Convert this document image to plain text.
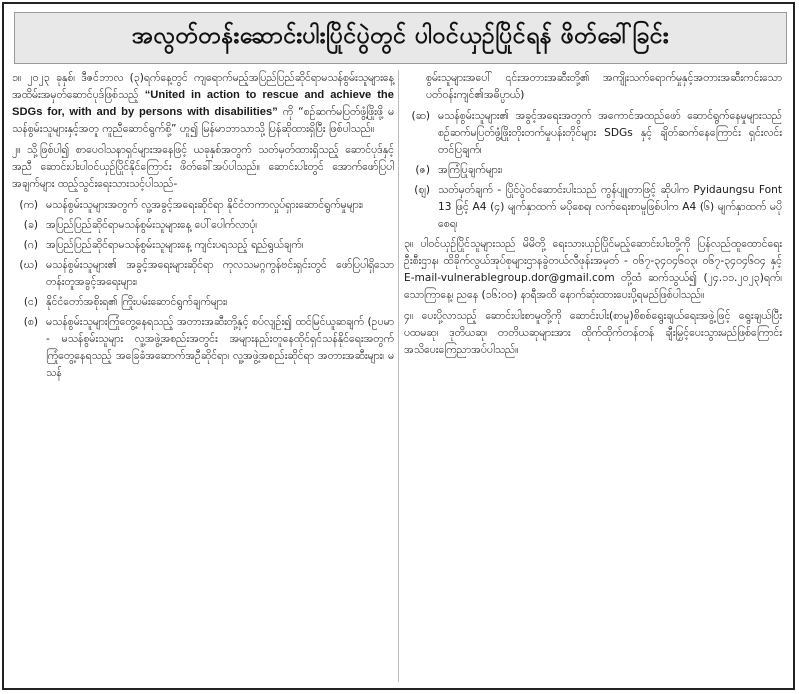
အလွတ်တန်းဆောင်းပါးပြိုင်ပွဲတွင် ပါဝင်ယှဉ်ပြိုင်ရန် ဖိတ်ခေါ်ခြင်း

၁။ ၂၀၂၃ ခုနှစ်၊ ဒီဇင်ဘာလ (၃)ရက်နေ့တွင် ကျရောက်မည့်အပြည်ပြည်ဆိုင်ရာမသန်စွမ်းသူများနေ့ အထိမ်းအမှတ်ဆောင်ပုဒ်ဖြစ်သည့် “United in action to rescue and achieve the SDGs for, with and by persons with disabilities” ကို “စဉ်ဆက်မပြတ်ဖွံ့ဖြိုးဖို့ မသန်စွမ်းသူများနှင့်အတူ ကူညီဆောင်ရွက်စို့” ဟူ၍ မြန်မာဘာသာသို့ ပြန်ဆိုထားရှိပြီး ဖြစ်ပါသည်။

၂။ သို့ဖြစ်ပါ၍ စာပေဝါသနာရှင်များအနေဖြင့် ယခုနှစ်အတွက် သတ်မှတ်ထားရှိသည့် ဆောင်ပုဒ်နှင့်အညီ ဆောင်းပါးပါဝင်ယှဉ်ပြိုင်နိုင်ကြောင်း ဖိတ်ခေါ်အပ်ပါသည်။ ဆောင်းပါးတွင် အောက်ဖော်ပြပါ အချက်များ ထည့်သွင်းရေးသားသင့်ပါသည်-

(က) မသန်စွမ်းသူများအတွက် လူ့အခွင့်အရေးဆိုင်ရာ နိုင်ငံတကာလှုပ်ရှားဆောင်ရွက်မှုများ၊
(ခ) အပြည်ပြည်ဆိုင်ရာမသန်စွမ်းသူများနေ့ ပေါ်ပေါက်လာပုံ၊
(ဂ) အပြည်ပြည်ဆိုင်ရာမသန်စွမ်းသူများနေ့ ကျင်းပရသည့် ရည်ရွယ်ချက်၊
(ဃ) မသန်စွမ်းသူများ၏ အခွင့်အရေးများဆိုင်ရာ ကုလသမဂ္ဂကွန်ဗင်းရှင်းတွင် ဖော်ပြပါရှိသော တန်းတူအခွင့်အရေးများ၊
(င) နိုင်ငံတော်အစိုးရ၏ ကြိုးပမ်းဆောင်ရွက်ချက်များ၊
(စ) မသန်စွမ်းသူများကြုံတွေ့နေရသည့် အတားအဆီးတို့နှင့် စပ်လျဉ်း၍ ထင်မြင်ယူဆချက် (ဥပမာ - မသန်စွမ်းသူများ လူ့အဖွဲ့အစည်းအတွင်း အများနည်းတူနေထိုင်ရှင်သန်နိုင်ရေးအတွက် ကြုံတွေ့နေရသည့် အခြေခံအဆောက်အဦဆိုင်ရာ၊ လူ့အဖွဲ့အစည်းဆိုင်ရာ အတားအဆီးများ၊ မသန်

စွမ်းသူများအပေါ် ၎င်းအတားအဆီးတို့၏ အကျိုးသက်ရောက်မှုနှင့်အတားအဆီးကင်းသော ပတ်ဝန်းကျင်၏အဓိပ္ပာယ်)

(ဆ) မသန်စွမ်းသူများ၏ အခွင့်အရေးအတွက် အကောင်အထည်ဖော် ဆောင်ရွက်နေမှုများသည် စဉ်ဆက်မပြတ်ဖွံ့ဖြိုးတိုးတက်မှုပန်းတိုင်များ SDGs နှင့် ချိတ်ဆက်နေကြောင်း ရှင်းလင်းတင်ပြချက်၊
(ဇ) အကြံပြုချက်များ၊
(ဈ) သတ်မှတ်ချက် - ပြိုင်ပွဲဝင်ဆောင်းပါးသည် ကွန်ပျူတာဖြင့် ဆိုပါက Pyidaungsu Font 13 ဖြင့် A4 (၄) မျက်နှာထက် မပိုစေရ၊ လက်ရေးစာမူဖြစ်ပါက A4 (၆) မျက်နှာထက် မပိုစေရ၊

၃။ ပါဝင်ယှဉ်ပြိုင်သူများသည် မိမိတို့ ရေးသားယှဉ်ပြိုင်မည့်ဆောင်းပါးတို့ကို ပြန်လည်ထူထောင်ရေးဦးစီးဌာန၊ ထိခိုက်လွယ်အုပ်စုများဌာနခွဲတယ်လီဖုန်းအမှတ် - ၀၆၇-၃၄၀၄၆၀၃၊ ၀၆၇-၃၄၀၄၆၀၄ နှင့် E-mail-vulnerablegroup.dor@gmail.com တို့ထံ ဆက်သွယ်၍ (၂၄.၁၁.၂၀၂၃)ရက်၊ သောကြာနေ့၊ ညနေ (၁၆:၀၀) နာရီအထိ နောက်ဆုံးထားပေးပို့ရမည်ဖြစ်ပါသည်။

၄။ ပေးပို့လာသည့် ဆောင်းပါးစာမူတို့ကို ဆောင်းပါး(စာမူ)စိစစ်ရွေးချယ်ရေးအဖွဲ့ဖြင့် ရွေးချယ်ပြီး ပထမဆု၊ ဒုတိယဆု၊ တတိယဆုများအား ထိုက်ထိုက်တန်တန် ချီးမြှင့်ပေးသွားမည်ဖြစ်ကြောင်း အသိပေးကြေညာအပ်ပါသည်။
